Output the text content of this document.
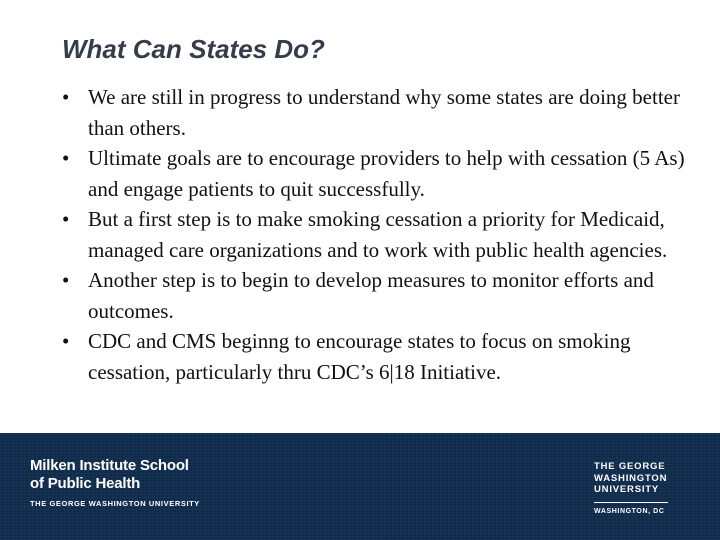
What Can States Do?
• We are still in progress to understand why some states are doing better than others.
• Ultimate goals are to encourage providers to help with cessation (5 As) and engage patients to quit successfully.
• But a first step is to make smoking cessation a priority for Medicaid, managed care organizations and to work with public health agencies.
• Another step is to begin to develop measures to monitor efforts and outcomes.
• CDC and CMS beginng to encourage states to focus on smoking cessation, particularly thru CDC’s 6|18 Initiative.
Milken Institute School
of Public Health
THE GEORGE WASHINGTON UNIVERSITY
THE GEORGE
WASHINGTON
UNIVERSITY
WASHINGTON, DC
